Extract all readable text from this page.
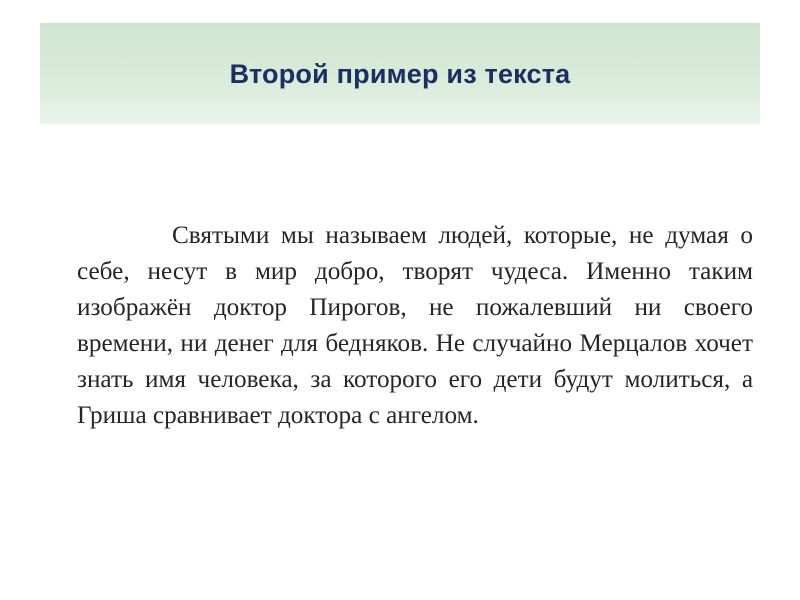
Второй пример из текста

Святыми мы называем людей, которые, не думая о себе, несут в мир добро, творят чудеса. Именно таким изображён доктор Пирогов, не пожалевший ни своего времени, ни денег для бедняков. Не случайно Мерцалов хочет знать имя человека, за которого его дети будут молиться, а Гриша сравнивает доктора с ангелом.
